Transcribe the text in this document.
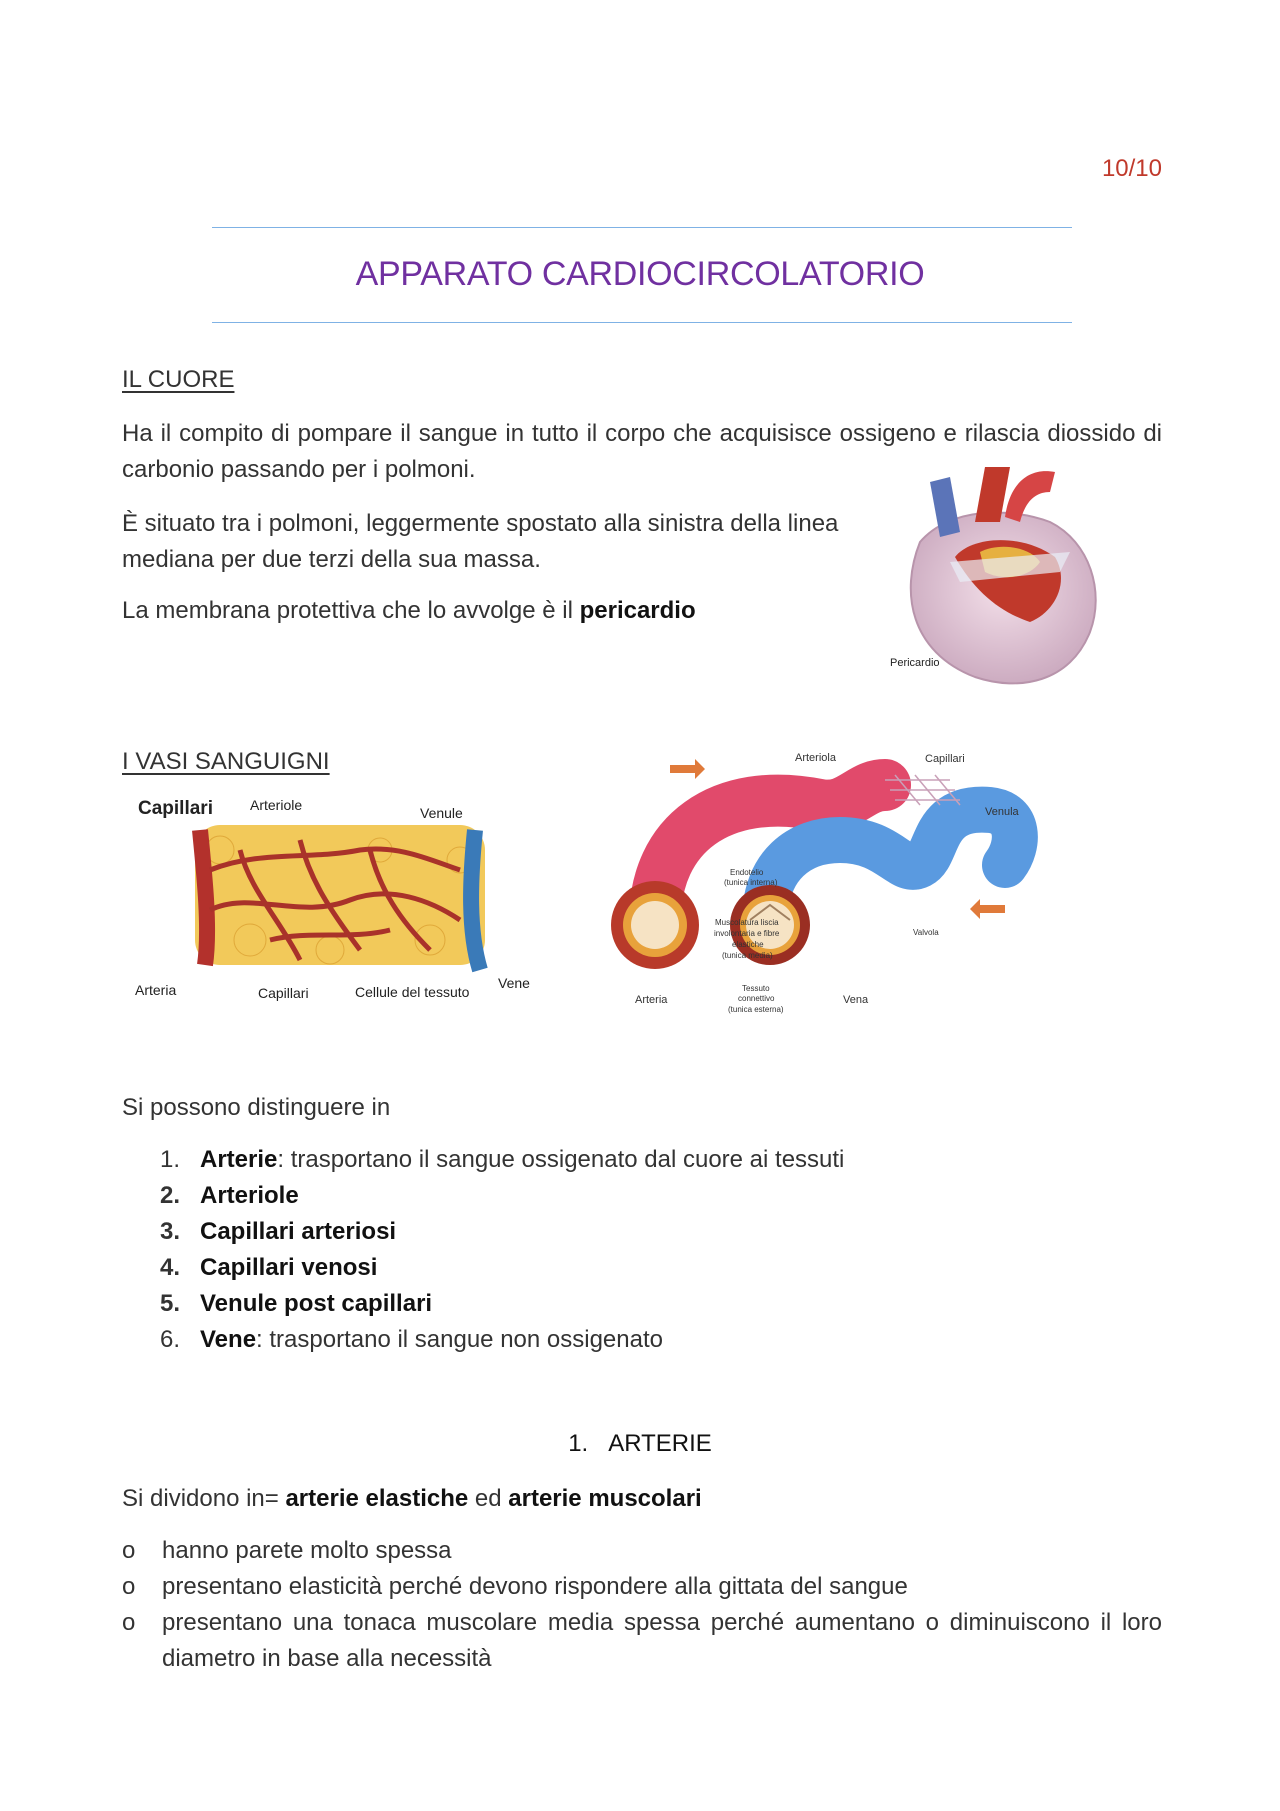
10/10
APPARATO CARDIOCIRCOLATORIO
IL CUORE
Ha il compito di pompare il sangue in tutto il corpo che acquisisce ossigeno e rilascia diossido di carbonio passando per i polmoni.
È situato tra i polmoni, leggermente spostato alla sinistra della linea mediana per due terzi della sua massa.
La membrana protettiva che lo avvolge è il pericardio
Pericardio
I VASI SANGUIGNI
Capillari	Arteriole	Venule
Arteria	Capillari	Cellule del tessuto
Vene
Arteriola	Capillari
Venula
Endotelio
(tunica interna)
Muscolatura liscia
involontaria e fibre
elastiche
(tunica media)
Valvola
Tessuto
connettivo
(tunica esterna)
Arteria	Vena
Si possono distinguere in
1. Arterie: trasportano il sangue ossigenato dal cuore ai tessuti
2. Arteriole
3. Capillari arteriosi
4. Capillari venosi
5. Venule post capillari
6. Vene: trasportano il sangue non ossigenato
1.   ARTERIE
Si dividono in= arterie elastiche ed arterie muscolari
o	hanno parete molto spessa
o	presentano elasticità perché devono rispondere alla gittata del sangue
o	presentano una tonaca muscolare media spessa perché aumentano o diminuiscono il loro diametro in base alla necessità
